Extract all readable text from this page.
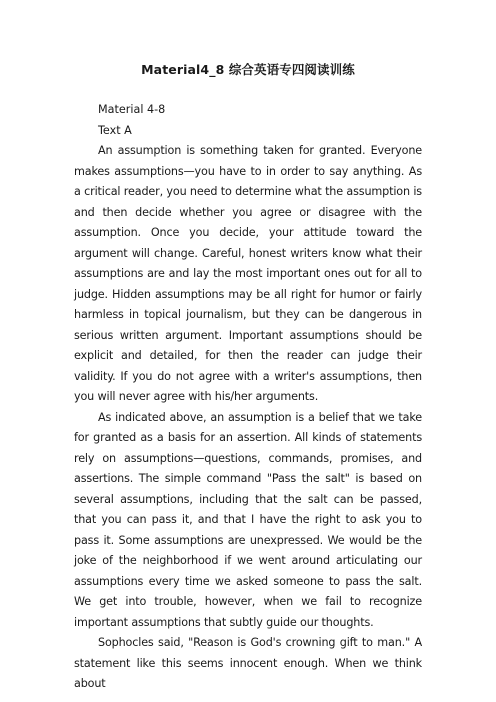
Material4_8 综合英语专四阅读训练

Material 4-8

Text A

An assumption is something taken for granted. Everyone makes assumptions—you have to in order to say anything. As a critical reader, you need to determine what the assumption is and then decide whether you agree or disagree with the assumption. Once you decide, your attitude toward the argument will change. Careful, honest writers know what their assumptions are and lay the most important ones out for all to judge. Hidden assumptions may be all right for humor or fairly harmless in topical journalism, but they can be dangerous in serious written argument. Important assumptions should be explicit and detailed, for then the reader can judge their validity. If you do not agree with a writer's assumptions, then you will never agree with his/her arguments.

As indicated above, an assumption is a belief that we take for granted as a basis for an assertion. All kinds of statements rely on assumptions—questions, commands, promises, and assertions. The simple command "Pass the salt" is based on several assumptions, including that the salt can be passed, that you can pass it, and that I have the right to ask you to pass it. Some assumptions are unexpressed. We would be the joke of the neighborhood if we went around articulating our assumptions every time we asked someone to pass the salt. We get into trouble, however, when we fail to recognize important assumptions that subtly guide our thoughts.

Sophocles said, "Reason is God's crowning gift to man." A statement like this seems innocent enough. When we think about
